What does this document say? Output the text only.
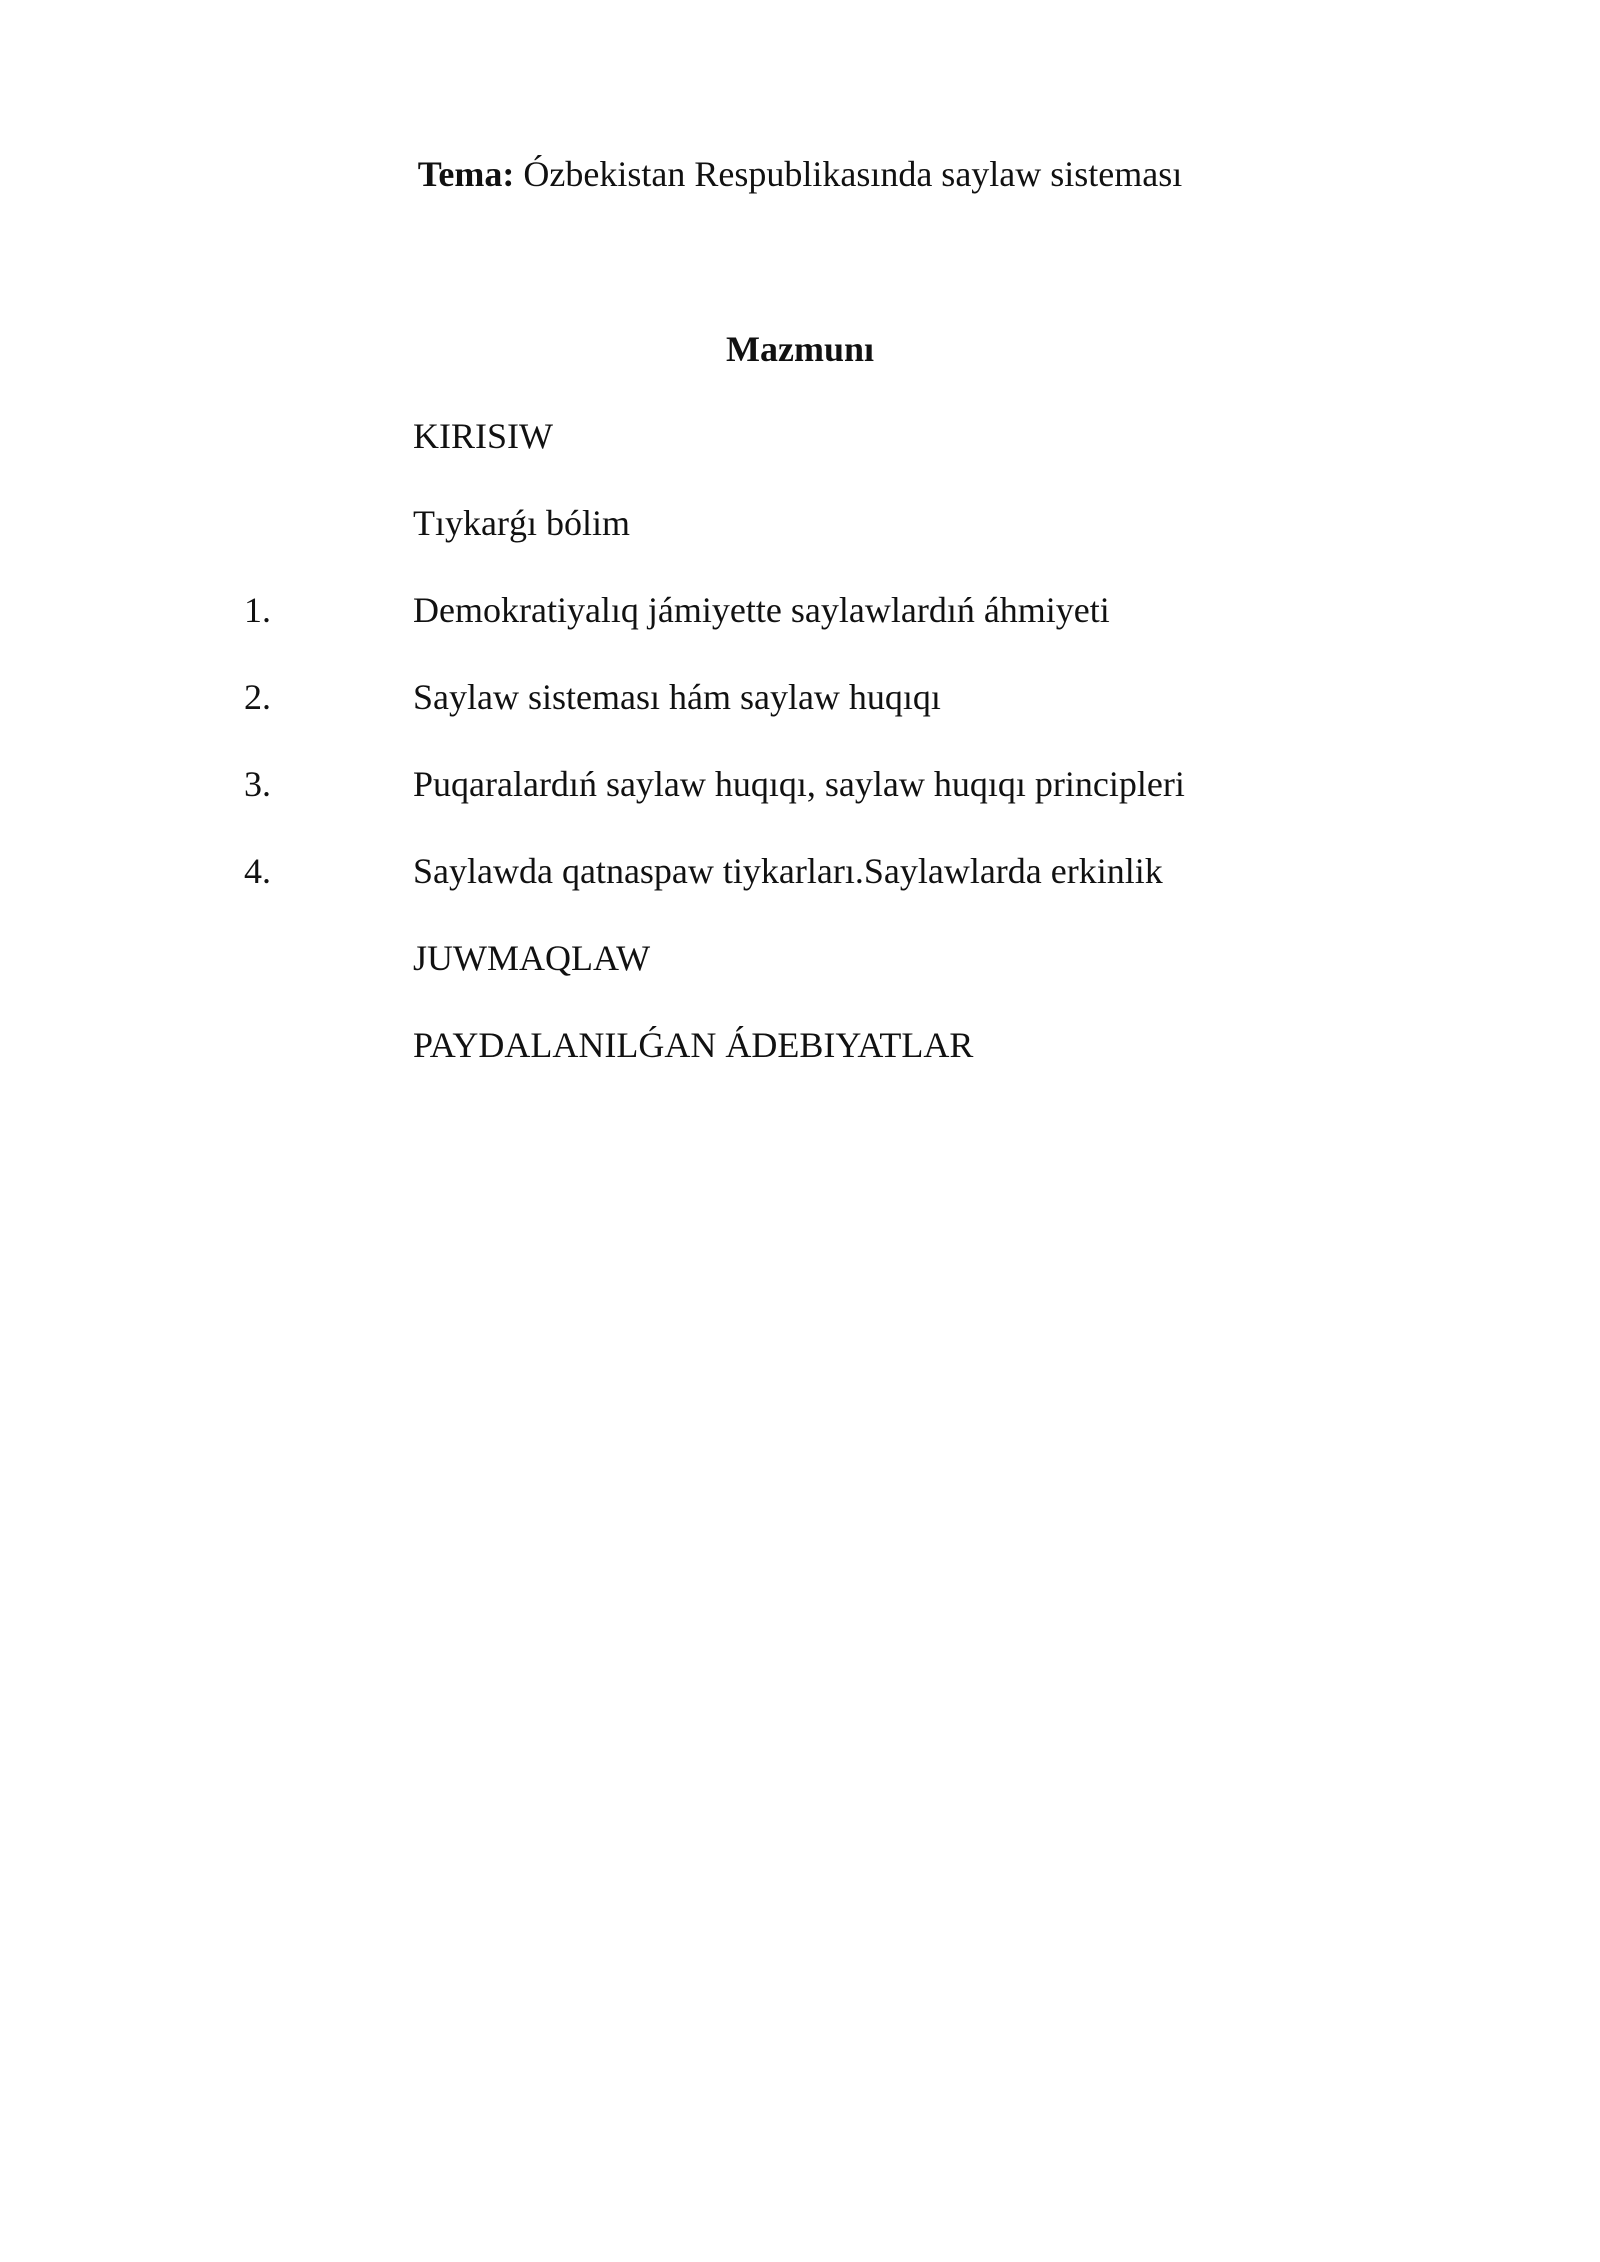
Tema: Ózbekistan Respublikasında saylaw sisteması
Mazmunı
KIRISIW
Tıykarǵı bólim
1.	Demokratiyalıq jámiyette saylawlardıń áhmiyeti
2.	Saylaw sisteması hám saylaw huqıqı
3.	Puqaralardıń saylaw huqıqı, saylaw huqıqı principleri
4.	Saylawda qatnaspaw tiykarları.Saylawlarda erkinlik
JUWMAQLAW
PAYDALANILǴAN ÁDEBIYATLAR
